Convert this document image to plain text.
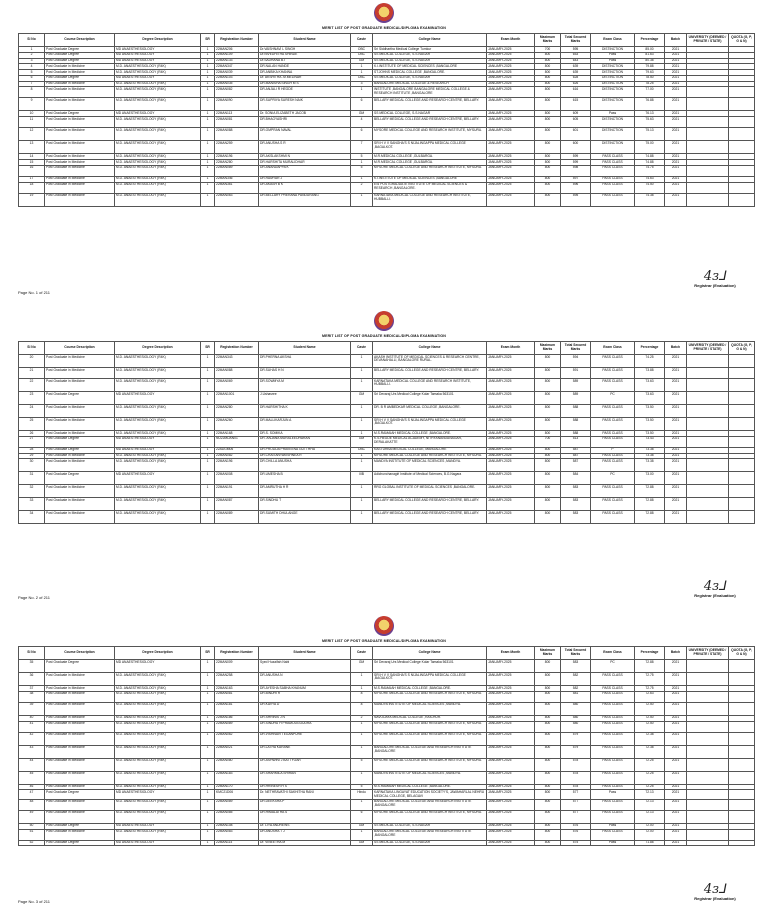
MERIT LIST OF POST GRADUATE MEDICAL/DIPLOMA EXAMINATION
Sl No	Course Description	Degree Description	SR	Registration Number	Student Name	Caste	College Name	Exam Month	Maximum Marks	Total Secured Marks	Exam Class	Percentage	Batch	UNIVERSITY (DEEMED / PRIVATE / STATE)	QUOTA (G, P, G & N)
1	Post Graduate Degree	MD ANAESTHESIOLOGY	1	22MAN206	Dr.VAISHNAVI L SINGH	OBC	Sri Siddhartha Medical College Tumkur	JANUARY-2025	700	595	DISTINCTION	85.00	2021		
2	Post Graduate Degree	MD ANAESTHESIOLOGY	1	22MAN109	Dr.NIVEDHITHA SHINDE	OBC	SS MEDICAL COLLEGE, S.S.NAGAR	JANUARY-2025	800	653	Pass	81.63	2021		
3	Post Graduate Degree	MD ANAESTHESIOLOGY	1	22MAN133	Dr.SADHANA B.I	GM	SS MEDICAL COLLEGE, S.S.NAGAR	JANUARY-2025	800	643	Pass	80.38	2021		
4	Post Graduate in Medicine	M.D. ANAESTHESIOLOGY (R4K)	1	22MAN347	DR.NALAN HANDE	1	K.I.INSTITUTE OF MEDICAL SCIENCES ,BANGALORE	JANUARY-2025	800	639	DISTINCTION	79.88	2021		
5	Post Graduate in Medicine	M.D. ANAESTHESIOLOGY (R4K)	1	22MAN039	DR.ANBIKA KHANNA	1	ST.JOHNS MEDICAL COLLEGE ,BANGALORE.	JANUARY-2025	800	639	DISTINCTION	79.63	2021		
6	Post Graduate Degree	MD ANAESTHESIOLOGY	1	22MAN103	Dr. AKSHITHA .M.MELINAR	OBC	SS MEDICAL COLLEGE, S.S.NAGAR	JANUARY-2025	800	628	DISTINCTION	78.50	2021		
7	Post Graduate in Medicine	M.D. ANAESTHESIOLOGY (R4K)	1	22MAN035	DR.MANISHA SINGH M S	3	BANGALORE MEDICAL COLLEGE & RESEARCH	JANUARY-2025	800	626	DISTINCTION	78.25	2021		
8	Post Graduate in Medicine	M.D. ANAESTHESIOLOGY (R4K)	1	22MAN082	DR.ANJALI R HEGDE	1	INSTITUTE ,BANGALORE BANGALORE MEDICAL COLLEGE & RESEARCH INSTITUTE ,BANGALORE	JANUARY-2025	800	616	DISTINCTION	77.00	2021		
9	Post Graduate in Medicine	M.D. ANAESTHESIOLOGY (R4K)	1	22MAN090	DR.SUPRIYA SURESH NAIK	6	BELLARY MEDICAL COLLEGE AND RESEARCH CENTRE, BELLARY.	JANUARY-2025	800	615	DISTINCTION	76.88	2021		
10	Post Graduate Degree	MD ANAESTHESIOLOGY	1	22MAN113	Dr. SONIA ELIZABETH JACOB	GM	SS MEDICAL COLLEGE, S.S.NAGAR	JANUARY-2025	800	609	Pass	76.13	2021		
11	Post Graduate in Medicine	M.D. ANAESTHESIOLOGY (R4K)	1	22MAN081	DR.BHAGYASHRI	4	BELLARY MEDICAL COLLEGE AND RESEARCH CENTRE, BELLARY.	JANUARY-2025	800	605	DISTINCTION	75.63	2021		
12	Post Graduate in Medicine	M.D. ANAESTHESIOLOGY (R4K)	1	22MAN088	DR.OMPRAN NAVAL	6	MYSORE MEDICAL COLLEGE AND RESEARCH INSTITUTE, MYSURU.	JANUARY-2025	800	601	DISTINCTION	75.13	2021		
13	Post Graduate in Medicine	M.D. ANAESTHESIOLOGY (R4K)	1	22MAN259	DR.ANUSHA S R	7	SRI H V V SANGHA'S S NIJALINGAPPA MEDICAL COLLEGE ,BAGALKOT.	JANUARY-2025	800	600	DISTINCTION	75.00	2021		
14	Post Graduate in Medicine	M.D. ANAESTHESIOLOGY (R4K)	1	22MAN196	DR.AKSLAKSHMI N	5	M.R.MEDICAL COLLEGE ,GULBARGA.	JANUARY-2025	800	599	PASS CLASS	74.88	2021		
15	Post Graduate in Medicine	M.D. ANAESTHESIOLOGY (R4K)	1	22MAN280	DR.HARSHITA MURALIDHAR	1	M.R.MEDICAL COLLEGE ,GULBARGA.	JANUARY-2025	800	599	PASS CLASS	74.88	2021		
16	Post Graduate in Medicine	M.D. ANAESTHESIOLOGY (R4K)	1	22MAN089	DR.ANANDAPPA K	5	MYSORE MEDICAL COLLEGE AND RESEARCH INSTITUTE, MYSURU.	JANUARY-2025	800	598	PASS CLASS	74.75	2021		
17	Post Graduate in Medicine	M.D. ANAESTHESIOLOGY (R4K)	1	22MAN346	DR.RAMYAR J	1	K.I.INSTITUTE OF MEDICAL SCIENCES ,BANGALORE	JANUARY-2025	800	597	PASS CLASS	74.63	2021		
18	Post Graduate in Medicine	M.D. ANAESTHESIOLOGY (R4K)	1	22MAN361	DR.AKASH B K	2	ESI POSTGRADUATE INSTITUTE OF MEDICAL SCIENCES & RESEARCH ,BANGALORE.	JANUARY-2025	800	596	PASS CLASS	74.50	2021		
19	Post Graduate in Medicine	M.D. ANAESTHESIOLOGY (R4K)	1	22MAN063	DR.BELLARY PRERANA PANDURANG	1	KARNATAKA MEDICAL COLLEGE AND RESEARCH INSTITUTE, HUBBALLI.	JANUARY-2025	800	595	PASS CLASS	74.38	2021		
Page No. 1 of 211
4ɜ⅃
Registrar (Evaluation)
MERIT LIST OF POST GRADUATE MEDICAL/DIPLOMA EXAMINATION
Sl No	Course Description	Degree Description	SR	Registration Number	Student Name	Caste	College Name	Exam Month	Maximum Marks	Total Secured Marks	Exam Class	Percentage	Batch	UNIVERSITY (DEEMED / PRIVATE / STATE)	QUOTA (G, P, G & N)
20	Post Graduate in Medicine	M.D. ANAESTHESIOLOGY (R4K)	1	22MAN343	DR.PHERNA AKSHA	1	AKASH INSTITUTE OF MEDICAL SCIENCES & RESEARCH CENTRE, DEVANAHALLI, BANGALORE RURAL.	JANUARY-2025	800	594	PASS CLASS	74.25	2021		
21	Post Graduate in Medicine	M.D. ANAESTHESIOLOGY (R4K)	1	22MAN088	DR.SUHAS H N	1	BELLARY MEDICAL COLLEGE AND RESEARCH CENTRE, BELLARY.	JANUARY-2025	800	591	PASS CLASS	73.88	2021		
22	Post Graduate in Medicine	M.D. ANAESTHESIOLOGY (R4K)	1	22MAN069	DR.SOWMYA M	1	KARNATAKA MEDICAL COLLEGE AND RESEARCH INSTITUTE, HUBBALLI.	JANUARY-2025	800	589	PASS CLASS	73.63	2021		
23	Post Graduate Degree	MD ANAESTHESIOLOGY	1	22MAN1001	J.Ushasree	GM	Sri Devaraj Urs Medical College Kolar Tamaka 563101	JANUARY-2025	800	589	PC	73.63	2021		
24	Post Graduate in Medicine	M.D. ANAESTHESIOLOGY (R4K)	1	22MAN280	DR.HARSHITHA K	1	DR. B R AMBEDKAR MEDICAL COLLEGE ,BANGALORE.	JANUARY-2025	800	588	PASS CLASS	73.50	2021		
25	Post Graduate in Medicine	M.D. ANAESTHESIOLOGY (R4K)	1	22MAN260	DR.MALLIKARJUN A	1	SRI H V V SANGHA'S S NIJALINGAPPA MEDICAL COLLEGE ,BAGALKOT.	JANUARY-2025	800	588	PASS CLASS	73.50	2021		
26	Post Graduate in Medicine	M.D. ANAESTHESIOLOGY (R4K)	1	22MAN168	DR.S. SOMIKA	1	M.S.RAMAIAH MEDICAL COLLEGE ,BANGALORE.	JANUARY-2025	800	588	PASS CLASS	73.50	2021		
27	Post Graduate Degree	MD ANAESTHESIOLOGY	1	NU22MDAN01	DR. ANJANA MURALEEDHARAN	GM	K.S.HEGDE MEDICAL ACADEMY, NITHYANANDANAGAR, DERALAKATTE	JANUARY-2025	700	513	PASS CLASS	73.43	2021		
28	Post Graduate Degree	MD ANAESTHESIOLOGY	1	22ADGM06	DR.PRODDA PRAVEENA GUTTHHA	OBC	KASTURBA MEDICAL COLLEGE, MANGALORE	JANUARY-2025	800	587	P	73.38	2021		
29	Post Graduate in Medicine	M.D. ANAESTHESIOLOGY (R4K)	1	22MAN082	DR.CHAITANYAKISHNEA R	1	MYSORE MEDICAL COLLEGE AND RESEARCH INSTITUTE, MYSURU.	JANUARY-2025	800	587	PASS CLASS	73.38	2021		
30	Post Graduate in Medicine	M.D. ANAESTHESIOLOGY (R4K)	1	22MAN196	DR.CHILLA ANUSHA	1	MANDYA INSTITUTE OF MEDICAL SCIENCES ,MANDYA.	JANUARY-2025	800	587	PASS CLASS	73.38	2021		
31	Post Graduate Degree	MD ANAESTHESIOLOGY	1	22MAN008	DR.UMESHA B	IIIB	Adichunchanagiri Institute of Medical Sciences, B.G.Nagara	JANUARY-2025	800	584	PC	73.00	2021		
32	Post Graduate in Medicine	M.D. ANAESTHESIOLOGY (R4K)	1	22MAN191	DR.AMRUTHA H R	1	RRG GLOBAL INSTITUTE OF MEDICAL SCIENCES ,BANGALORE.	JANUARY-2025	800	583	PASS CLASS	72.88	2021		
33	Post Graduate in Medicine	M.D. ANAESTHESIOLOGY (R4K)	1	22MAN087	DR.SINDHU T	1	BELLARY MEDICAL COLLEGE AND RESEARCH CENTRE, BELLARY.	JANUARY-2025	800	583	PASS CLASS	72.88	2021		
34	Post Graduate in Medicine	M.D. ANAESTHESIOLOGY (R4K)	1	22MAN089	DR.SUMITH DHULANGE	1	BELLARY MEDICAL COLLEGE AND RESEARCH CENTRE, BELLARY.	JANUARY-2025	800	583	PASS CLASS	72.88	2021		
Page No. 2 of 211
4ɜ⅃
Registrar (Evaluation)
MERIT LIST OF POST GRADUATE MEDICAL/DIPLOMA EXAMINATION
Sl No	Course Description	Degree Description	SR	Registration Number	Student Name	Caste	College Name	Exam Month	Maximum Marks	Total Secured Marks	Exam Class	Percentage	Batch	UNIVERSITY (DEEMED / PRIVATE / STATE)	QUOTA (G, P, G & N)
35	Post Graduate Degree	MD ANAESTHESIOLOGY	1	22MAN009	Syed Huzaifah Nabi	GM	Sri Devaraj Urs Medical College Kolar Tamaka 563101	JANUARY-2025	800	583	PC	72.88	2021		
36	Post Graduate in Medicine	M.D. ANAESTHESIOLOGY (R4K)	1	22MAN258	DR.ANUSHA N	1	SRI H V V SANGHA'S S NIJALINGAPPA MEDICAL COLLEGE ,BAGALKOT.	JANUARY-2025	800	582	PASS CLASS	72.75	2021		
37	Post Graduate in Medicine	M.D. ANAESTHESIOLOGY (R4K)	1	22MAN163	DR.AYESHA SABHA KHANUM	1	M.S.RAMAIAH MEDICAL COLLEGE ,BANGALORE.	JANUARY-2025	800	582	PASS CLASS	72.75	2021		
38	Post Graduate in Medicine	M.D. ANAESTHESIOLOGY (R4K)	1	22MAN081	DR.BINDHI R	8	MYSORE MEDICAL COLLEGE AND RESEARCH INSTITUTE, MYSURU.	JANUARY-2025	800	581	PASS CLASS	72.63	2021		
39	Post Graduate in Medicine	M.D. ANAESTHESIOLOGY (R4K)	1	22MAN181	DR.KAVYA D	8	MANDYA INSTITUTE OF MEDICAL SCIENCES ,MANDYA.	JANUARY-2025	800	580	PASS CLASS	72.50	2021		
40	Post Graduate in Medicine	M.D. ANAESTHESIOLOGY (R4K)	1	22MAN186	DR.SHRINIS J N	2	NAVODAYA MEDICAL COLLEGE ,RAICHUR.	JANUARY-2025	800	580	PASS CLASS	72.50	2021		
41	Post Graduate in Medicine	M.D. ANAESTHESIOLOGY (R4K)	1	22MAN089	DR.SINDHU H PRAMODGOUDRA	1	MYSORE MEDICAL COLLEGE AND RESEARCH INSTITUTE, MYSURU.	JANUARY-2025	800	580	PASS CLASS	72.50	2021		
42	Post Graduate in Medicine	M.D. ANAESTHESIOLOGY (R4K)	1	22MAN062	DR.VISHNAVI TEGANPURE	1	MYSORE MEDICAL COLLEGE AND RESEARCH INSTITUTE, MYSURU.	JANUARY-2025	800	579	PASS CLASS	72.38	2021		
43	Post Graduate in Medicine	M.D. ANAESTHESIOLOGY (R4K)	1	22MAN021	DR.LATHA KARANE	1	BANGALORE MEDICAL COLLEGE AND RESEARCH INSTITUTE ,BANGALORE	JANUARY-2025	800	579	PASS CLASS	72.38	2021		
44	Post Graduate in Medicine	M.D. ANAESTHESIOLOGY (R4K)	1	22MAN080	DR.ASHWINI J BATTYGAR	5	MYSORE MEDICAL COLLEGE AND RESEARCH INSTITUTE, MYSURU.	JANUARY-2025	800	578	PASS CLASS	72.25	2021		
45	Post Graduate in Medicine	M.D. ANAESTHESIOLOGY (R4K)	1	22MAN183	DR.SHARMILA SHIRAN	1	MANDYA INSTITUTE OF MEDICAL SCIENCES ,MANDYA.	JANUARY-2025	800	578	PASS CLASS	72.25	2021		
46	Post Graduate in Medicine	M.D. ANAESTHESIOLOGY (R4K)	1	22MAN170	DR.HRINESH H S	5	M.S.RAMAIAH MEDICAL COLLEGE ,BANGALORE.	JANUARY-2025	800	578	PASS CLASS	72.25	2021		
47	Post Graduate Degree	MD ANAESTHESIOLOGY	1	KMC21D06	Dr. NETHRAVATHI SAKHITHA RANI	Hindu	KARNATAKA LINGAYAT EDUCATION SOCIETY'S, JAWAHARLAL NEHRU MEDICAL COLLEGE, BELAGAVI	JANUARY-2025	800	577	Pass	72.13	2021		
48	Post Graduate in Medicine	M.D. ANAESTHESIOLOGY (R4K)	1	22MAN089	DR.DEEKSHA P	1	BANGALORE MEDICAL COLLEGE AND RESEARCH INSTITUTE ,BANGALORE	JANUARY-2025	800	577	PASS CLASS	72.13	2021		
49	Post Graduate in Medicine	M.D. ANAESTHESIOLOGY (R4K)	1	22MAN085	DR.HIMALATHA S	6	MYSORE MEDICAL COLLEGE AND RESEARCH INSTITUTE, MYSURU.	JANUARY-2025	800	577	PASS CLASS	72.13	2021		
50	Post Graduate Degree	MD ANAESTHESIOLOGY	1	22MAN108	Dr. LIYA ANDREWS	GM	SS MEDICAL COLLEGE, S.S.NAGAR	JANUARY-2025	800	576	Pass	72.00	2021		
51	Post Graduate in Medicine	M.D. ANAESTHESIOLOGY (R4K)	1	22MAN083	DR.ANUSHA T J	1	BANGALORE MEDICAL COLLEGE AND RESEARCH INSTITUTE ,BANGALORE	JANUARY-2025	800	576	PASS CLASS	72.00	2021		
52	Post Graduate Degree	MD ANAESTHESIOLOGY	1	22MAN114	Dr. VINEETHA M	GM	SS MEDICAL COLLEGE, S.S.NAGAR	JANUARY-2025	800	575	Pass	71.88	2021		
Page No. 3 of 211
4ɜ⅃
Registrar (Evaluation)
